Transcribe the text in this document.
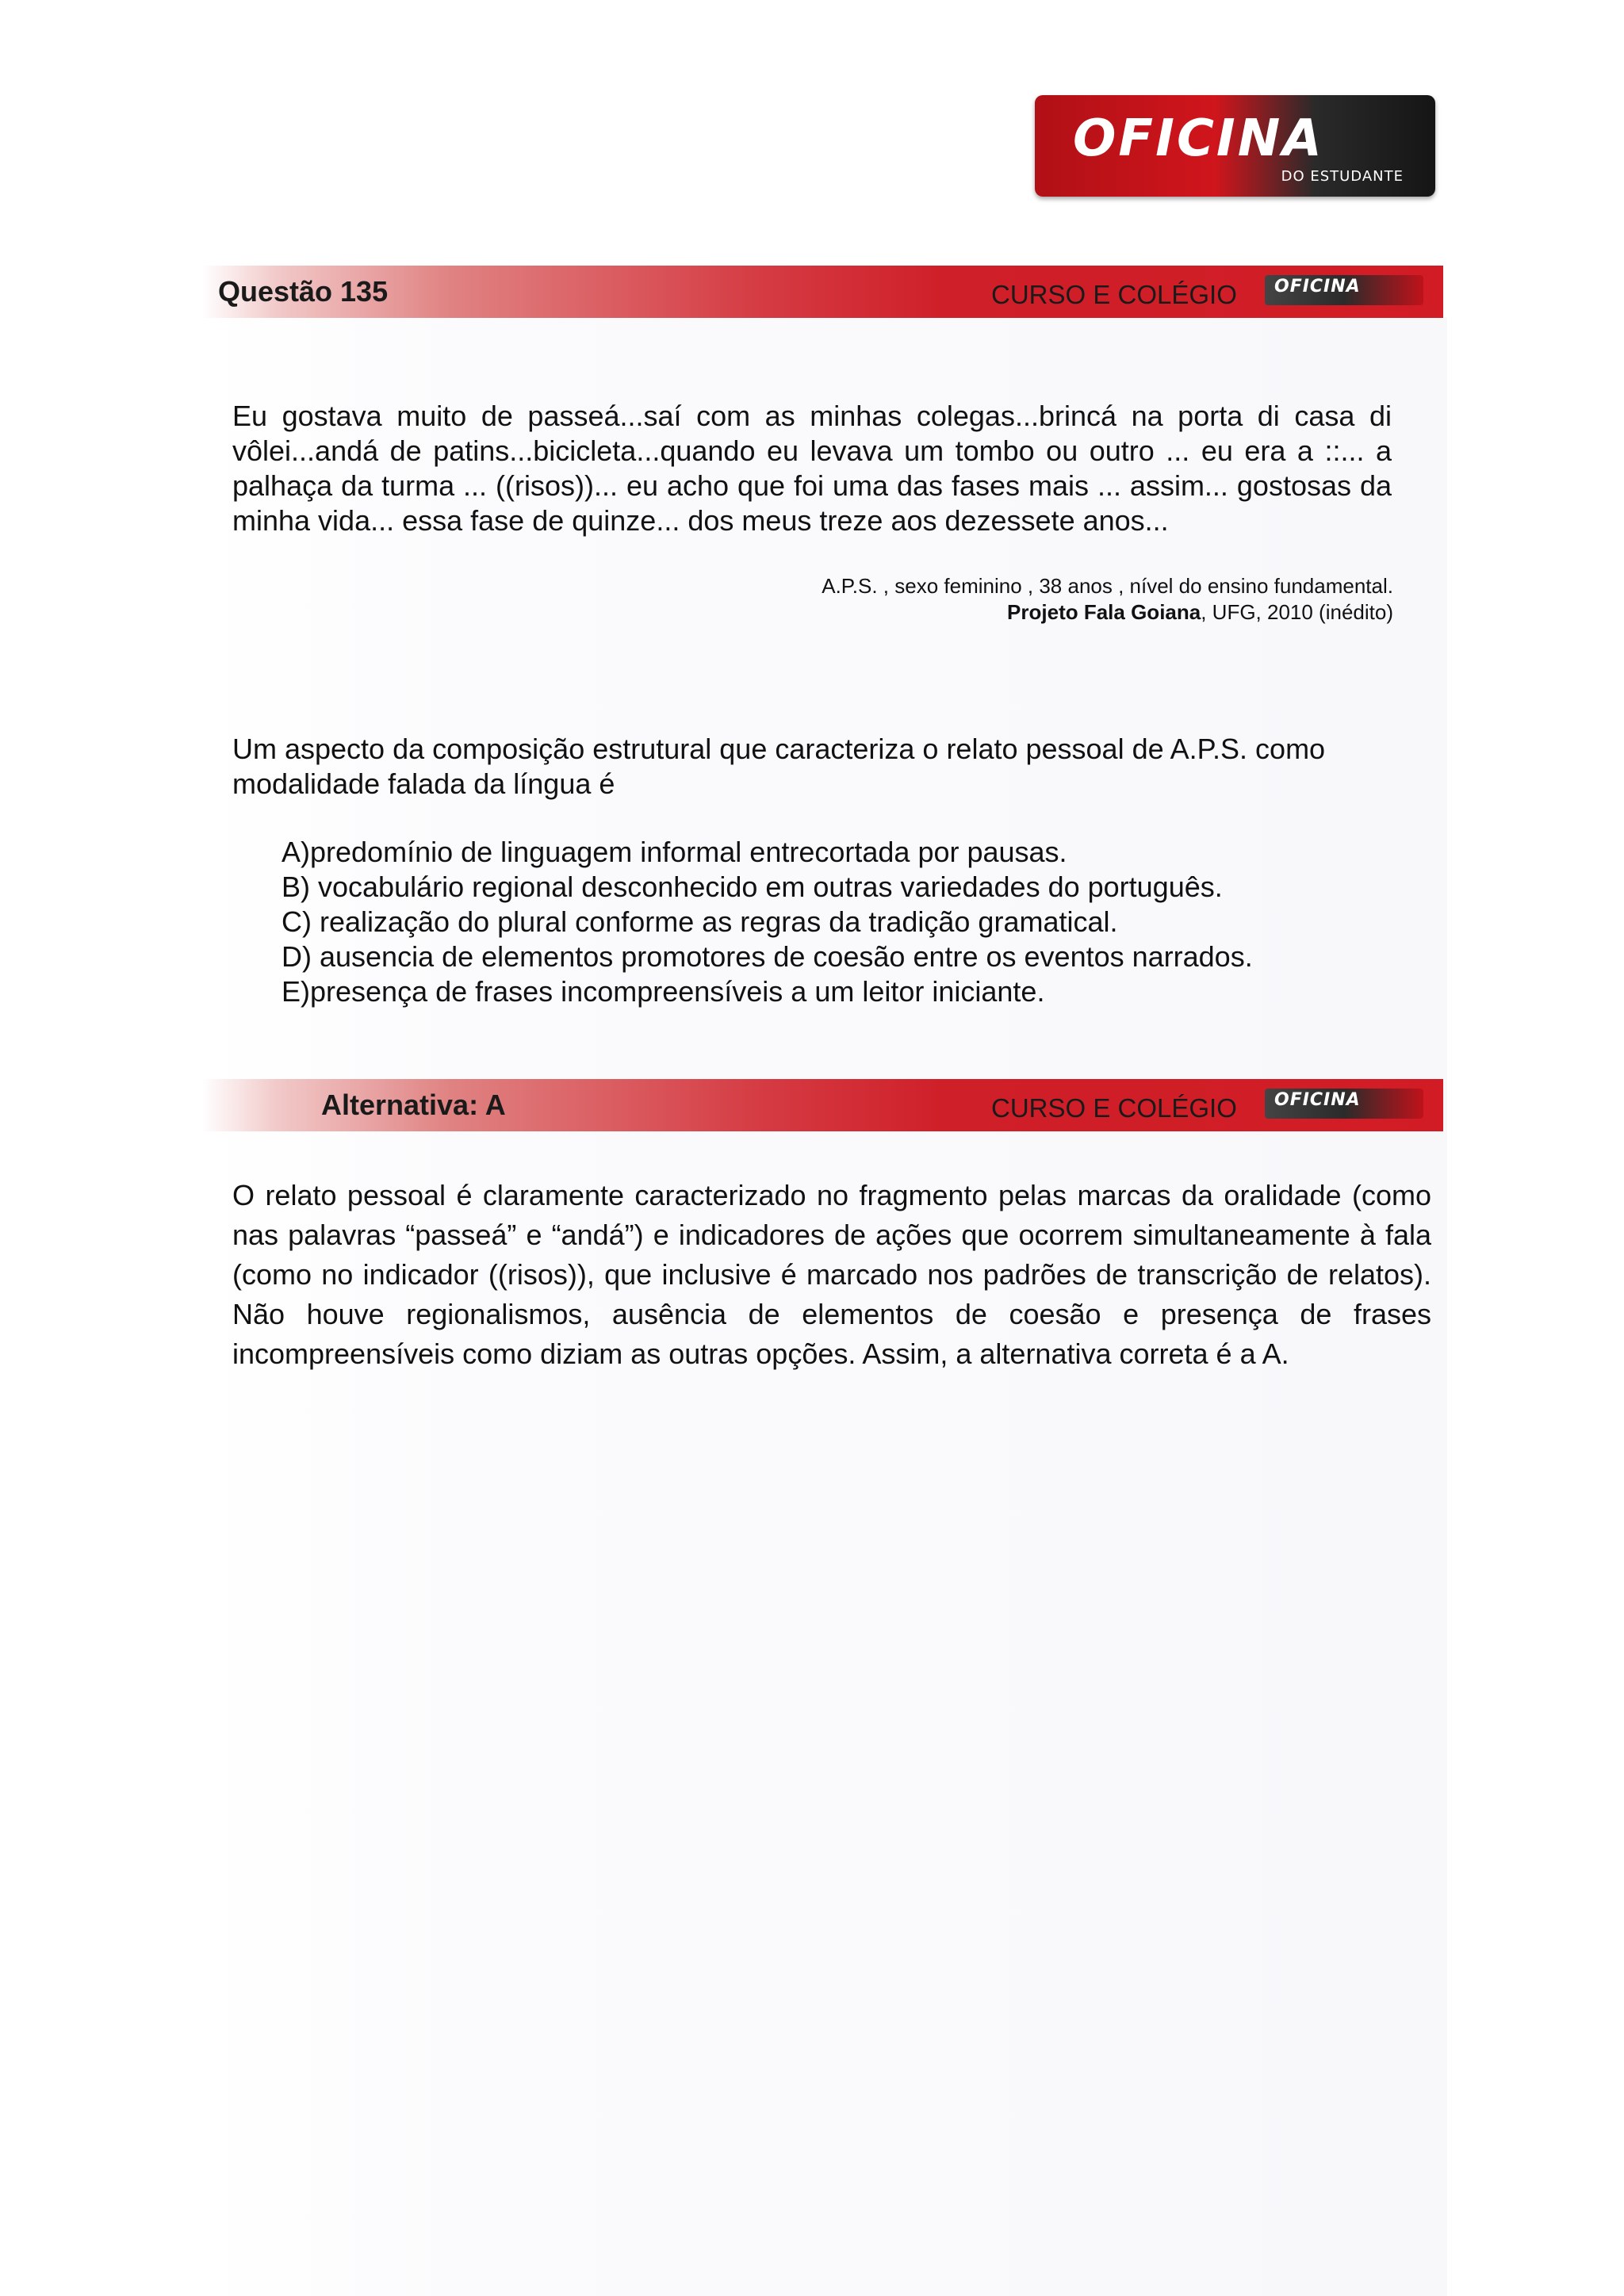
OFICINA
DO ESTUDANTE
Questão 135	CURSO E COLÉGIO OFICINA
Eu gostava muito de passeá...saí com as minhas colegas...brincá na porta di casa di vôlei...andá de patins...bicicleta...quando eu levava um tombo ou outro ... eu era a ::... a palhaça da turma ... ((risos))... eu acho que foi uma das fases mais ... assim... gostosas da minha vida... essa fase de quinze... dos meus treze aos dezessete anos...
A.P.S. , sexo feminino , 38 anos , nível do ensino fundamental.
Projeto Fala Goiana, UFG, 2010 (inédito)
Um aspecto da composição estrutural que caracteriza o relato pessoal de A.P.S. como modalidade falada da língua é
A)predomínio de linguagem informal entrecortada por pausas.
B) vocabulário regional desconhecido em outras variedades do português.
C) realização do plural conforme as regras da tradição gramatical.
D) ausencia de elementos promotores de coesão entre os eventos narrados.
E)presença de frases incompreensíveis a um leitor iniciante.
Alternativa: A	CURSO E COLÉGIO OFICINA
O relato pessoal é claramente caracterizado no fragmento pelas marcas da oralidade (como nas palavras “passeá” e “andá”) e indicadores de ações que ocorrem simultaneamente à fala (como no indicador ((risos)), que inclusive é marcado nos padrões de transcrição de relatos). Não houve regionalismos, ausência de elementos de coesão e presença de frases incompreensíveis como diziam as outras opções. Assim, a alternativa correta é a A.
